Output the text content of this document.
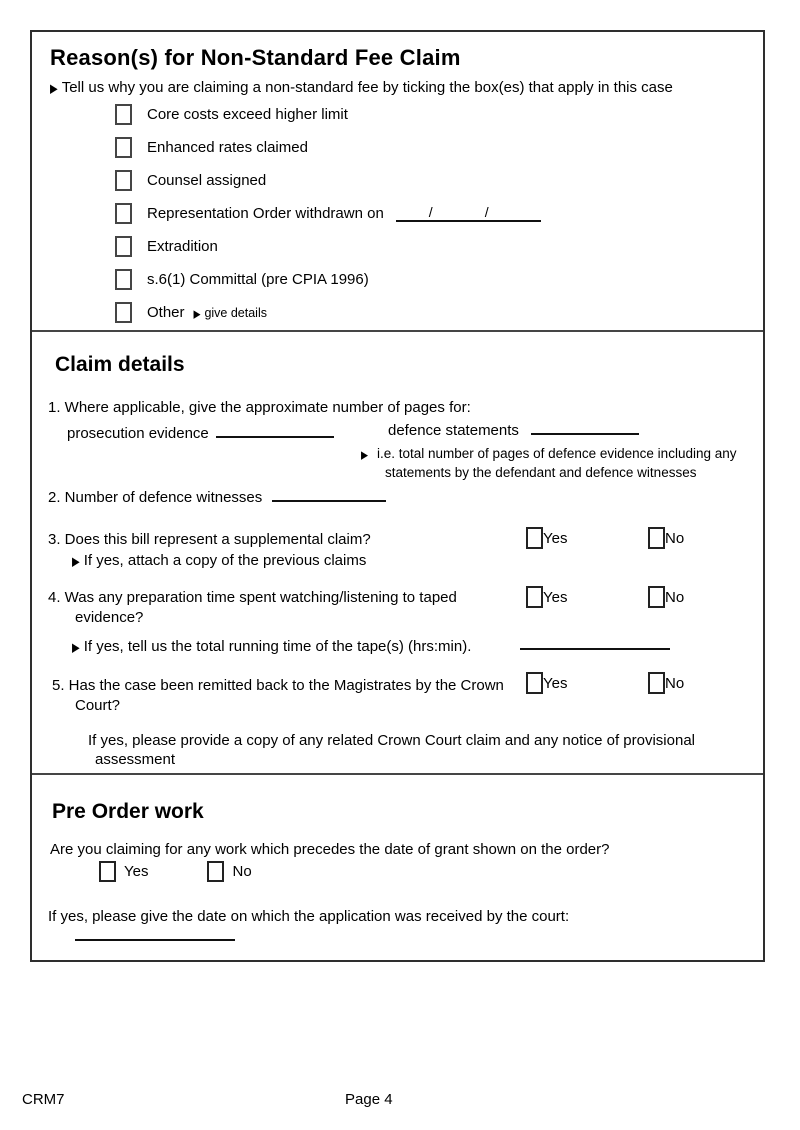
Reason(s) for Non-Standard Fee Claim
▶ Tell us why you are claiming a non-standard fee by ticking the box(es) that apply in this case
Core costs exceed higher limit
Enhanced rates claimed
Counsel assigned
Representation Order withdrawn on	/	/
Extradition
s.6(1) Committal (pre CPIA 1996)
Other ▶ give details
Claim details
1. Where applicable, give the approximate number of pages for:
prosecution evidence	defence statements
▶ i.e. total number of pages of defence evidence including any statements by the defendant and defence witnesses
2. Number of defence witnesses
3. Does this bill represent a supplemental claim?
▶ If yes, attach a copy of the previous claims
Yes	No
4. Was any preparation time spent watching/listening to taped evidence?
Yes	No
▶ If yes, tell us the total running time of the tape(s) (hrs:min).
5. Has the case been remitted back to the Magistrates by the Crown Court?
Yes	No
If yes, please provide a copy of any related Crown Court claim and any notice of provisional assessment
Pre Order work
Are you claiming for any work which precedes the date of grant shown on the order?
Yes	No
If yes, please give the date on which the application was received by the court:
CRM7	Page 4
